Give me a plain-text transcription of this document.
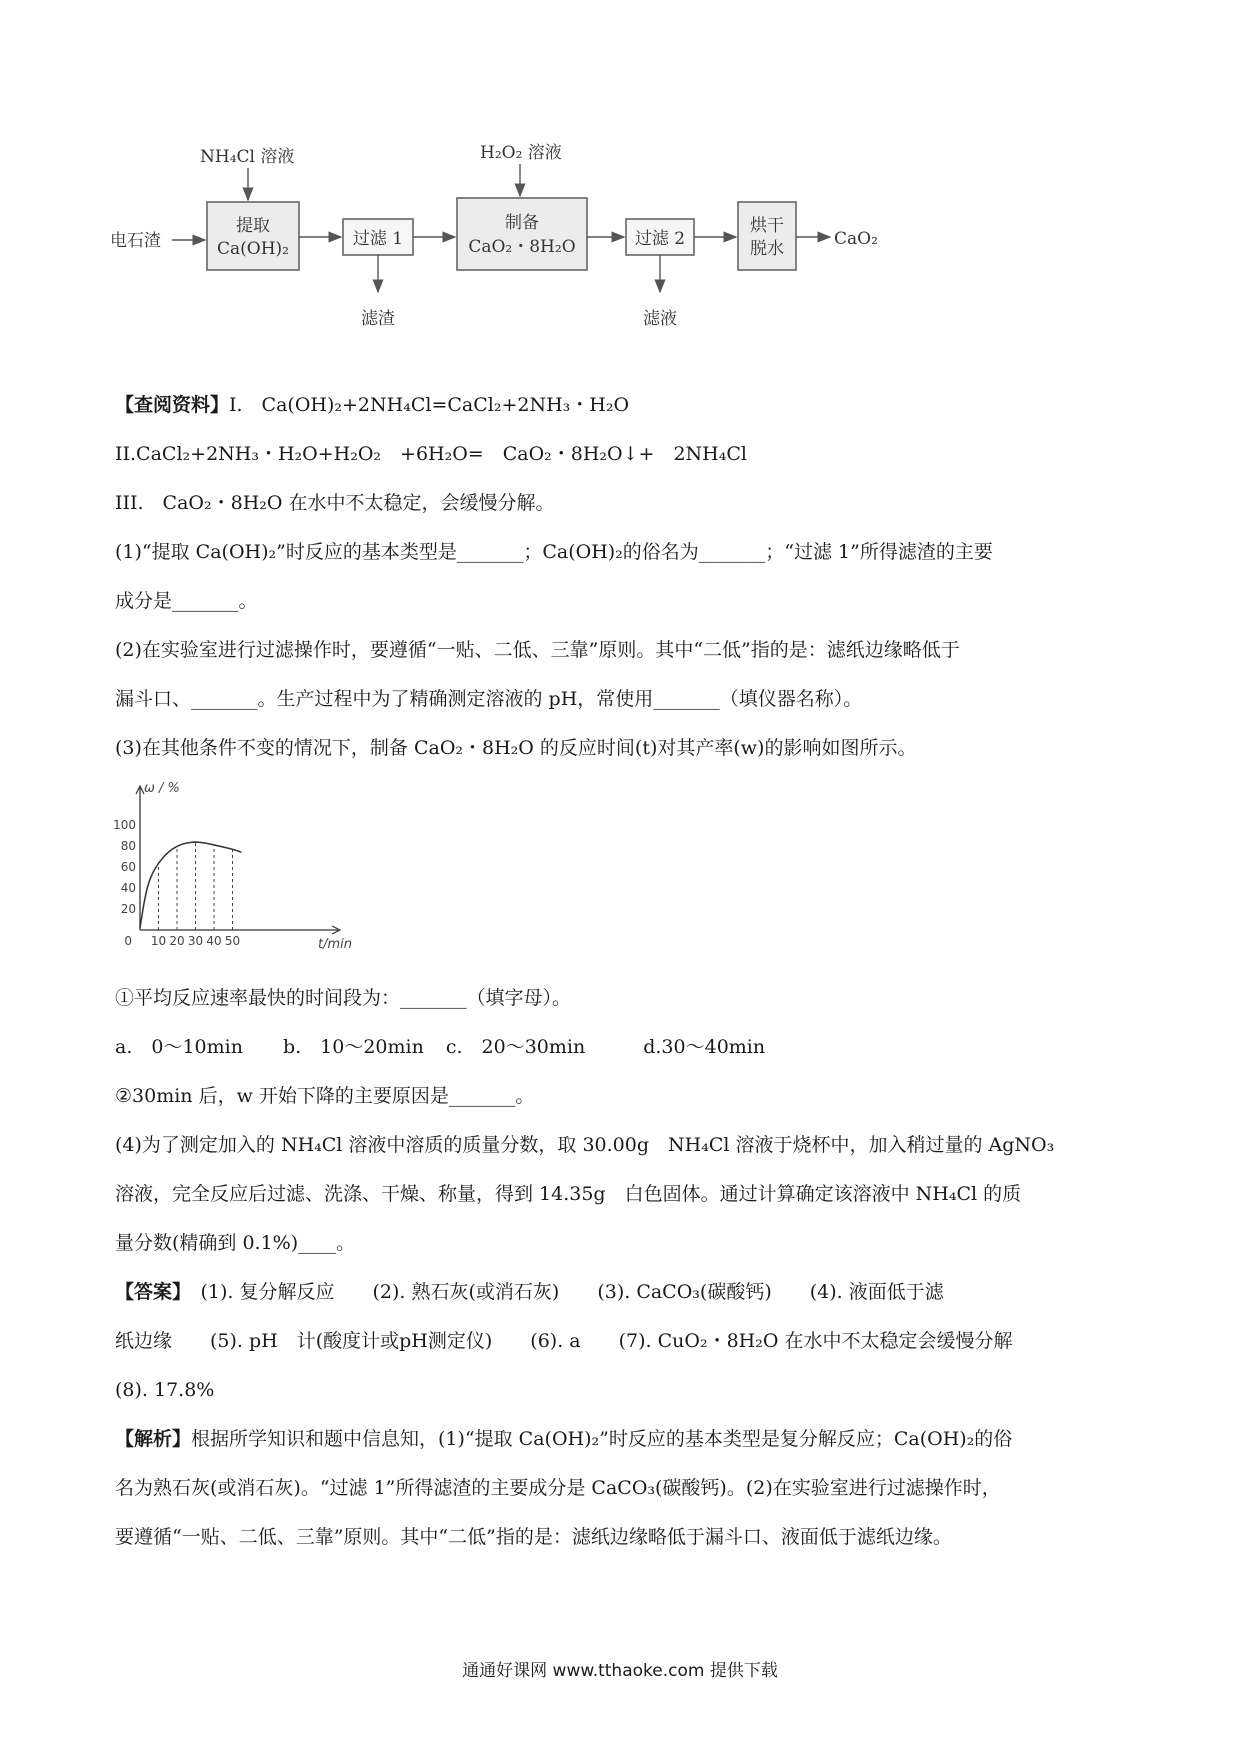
电石渣
NH₄Cl 溶液	H₂O₂ 溶液
提取
Ca(OH)₂	过滤 1
制备
CaO₂・8H₂O	过滤 2
烘干
脱水	CaO₂
滤渣	滤液
【查阅资料】I.　Ca(OH)₂+2NH₄Cl=CaCl₂+2NH₃・H₂O
II.CaCl₂+2NH₃・H₂O+H₂O₂　+6H₂O=　CaO₂・8H₂O↓+　2NH₄Cl
III.　CaO₂・8H₂O 在水中不太稳定，会缓慢分解。
(1)“提取 Ca(OH)₂”时反应的基本类型是_______；Ca(OH)₂的俗名为_______；“过滤 1”所得滤渣的主要
成分是_______。
(2)在实验室进行过滤操作时，要遵循“一贴、二低、三靠”原则。其中“二低”指的是：滤纸边缘略低于
漏斗口、_______。生产过程中为了精确测定溶液的 pH，常使用_______（填仪器名称）。
(3)在其他条件不变的情况下，制备 CaO₂・8H₂O 的反应时间(t)对其产率(w)的影响如图所示。
10 20 30 40 50
0
20
40
60
80
100
ω / %
t/min
①平均反应速率最快的时间段为：_______（填字母）。
a.　0～10min b.　10～20min c.　20～30min	d.30～40min
②30min 后，w 开始下降的主要原因是_______。
(4)为了测定加入的 NH₄Cl 溶液中溶质的质量分数，取 30.00g　NH₄Cl 溶液于烧杯中，加入稍过量的 AgNO₃
溶液，完全反应后过滤、洗涤、干燥、称量，得到 14.35g　白色固体。通过计算确定该溶液中 NH₄Cl 的质
量分数(精确到 0.1%)____。
【答案】　(1). 复分解反应　　(2). 熟石灰(或消石灰)　　(3). CaCO₃(碳酸钙)　　(4). 液面低于滤
纸边缘　　(5). pH　计(酸度计或pH测定仪)　　(6). a　　(7). CuO₂・8H₂O 在水中不太稳定会缓慢分解
(8). 17.8%
【解析】根据所学知识和题中信息知，(1)“提取 Ca(OH)₂”时反应的基本类型是复分解反应；Ca(OH)₂的俗
名为熟石灰(或消石灰)。“过滤 1”所得滤渣的主要成分是 CaCO₃(碳酸钙)。(2)在实验室进行过滤操作时，
要遵循“一贴、二低、三靠”原则。其中“二低”指的是：滤纸边缘略低于漏斗口、液面低于滤纸边缘。
通通好课网 www.tthaoke.com 提供下载
